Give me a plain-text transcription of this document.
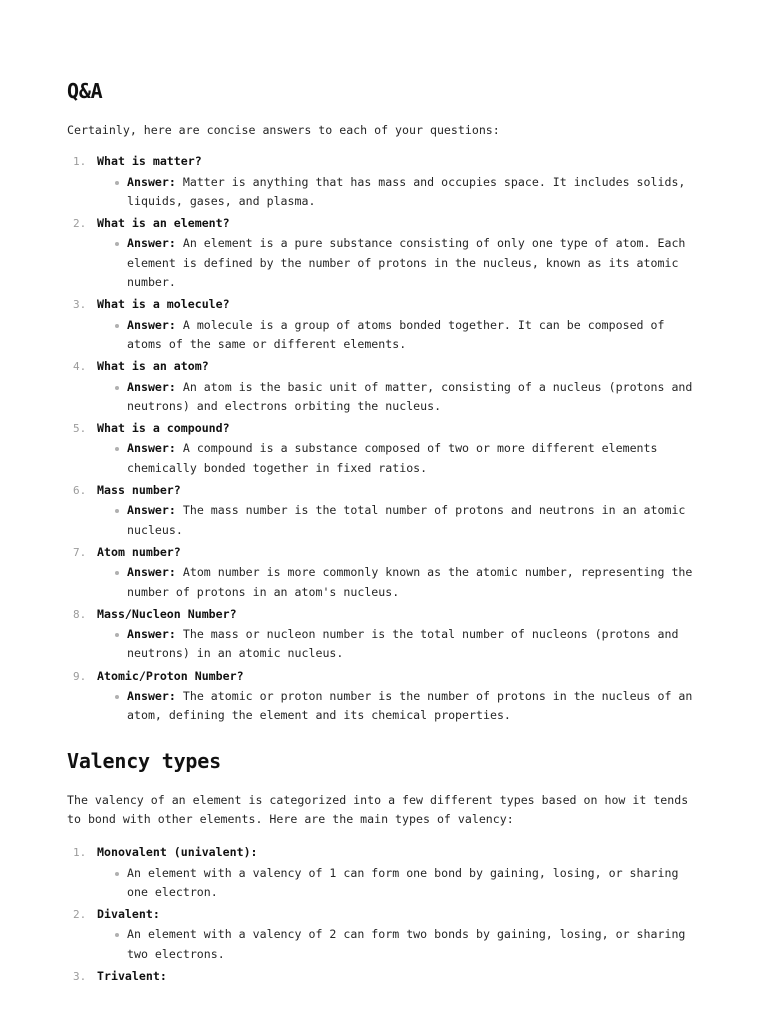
Q&A

Certainly, here are concise answers to each of your questions:

1. What is matter?
Answer: Matter is anything that has mass and occupies space. It includes solids, liquids, gases, and plasma.
2. What is an element?
Answer: An element is a pure substance consisting of only one type of atom. Each element is defined by the number of protons in the nucleus, known as its atomic number.
3. What is a molecule?
Answer: A molecule is a group of atoms bonded together. It can be composed of atoms of the same or different elements.
4. What is an atom?
Answer: An atom is the basic unit of matter, consisting of a nucleus (protons and neutrons) and electrons orbiting the nucleus.
5. What is a compound?
Answer: A compound is a substance composed of two or more different elements chemically bonded together in fixed ratios.
6. Mass number?
Answer: The mass number is the total number of protons and neutrons in an atomic nucleus.
7. Atom number?
Answer: Atom number is more commonly known as the atomic number, representing the number of protons in an atom's nucleus.
8. Mass/Nucleon Number?
Answer: The mass or nucleon number is the total number of nucleons (protons and neutrons) in an atomic nucleus.
9. Atomic/Proton Number?
Answer: The atomic or proton number is the number of protons in the nucleus of an atom, defining the element and its chemical properties.
Valency types

The valency of an element is categorized into a few different types based on how it tends to bond with other elements. Here are the main types of valency:

1. Monovalent (univalent):
An element with a valency of 1 can form one bond by gaining, losing, or sharing one electron.
2. Divalent:
An element with a valency of 2 can form two bonds by gaining, losing, or sharing two electrons.
3. Trivalent:
